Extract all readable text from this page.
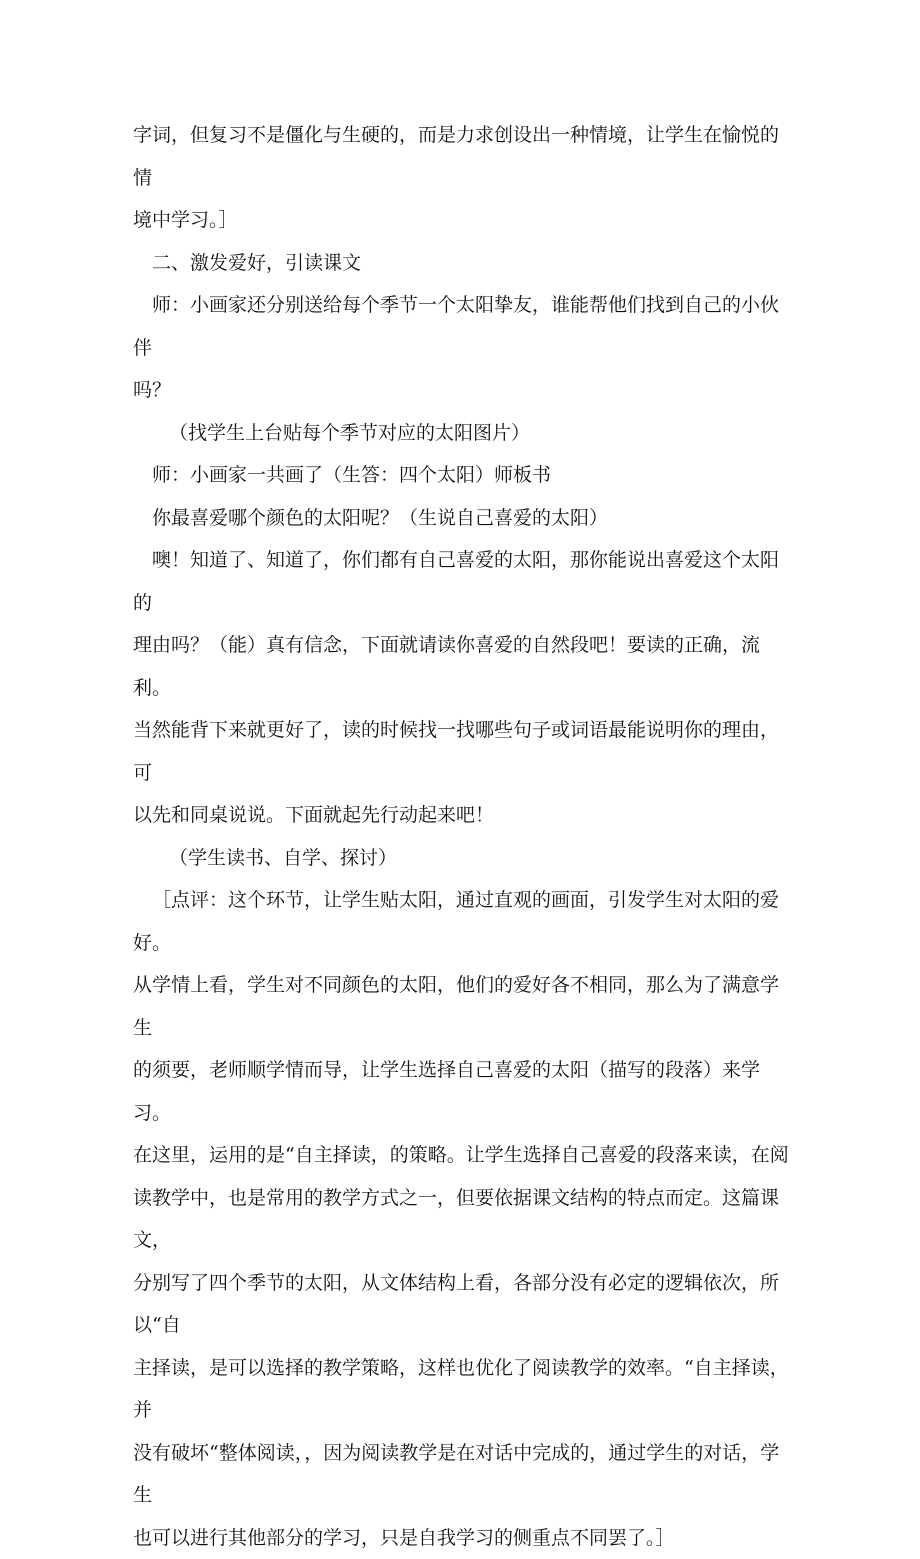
字词，但复习不是僵化与生硬的，而是力求创设出一种情境，让学生在愉悦的情
境中学习。］

二、激发爱好，引读课文

师：小画家还分别送给每个季节一个太阳挚友，谁能帮他们找到自己的小伙伴
吗？

（找学生上台贴每个季节对应的太阳图片）

师：小画家一共画了（生答：四个太阳）师板书

你最喜爱哪个颜色的太阳呢？（生说自己喜爱的太阳）

噢！知道了、知道了，你们都有自己喜爱的太阳，那你能说出喜爱这个太阳的
理由吗？（能）真有信念，下面就请读你喜爱的自然段吧！要读的正确，流利。
当然能背下来就更好了，读的时候找一找哪些句子或词语最能说明你的理由，可
以先和同桌说说。下面就起先行动起来吧！

（学生读书、自学、探讨）

［点评：这个环节，让学生贴太阳，通过直观的画面，引发学生对太阳的爱好。
从学情上看，学生对不同颜色的太阳，他们的爱好各不相同，那么为了满意学生
的须要，老师顺学情而导，让学生选择自己喜爱的太阳（描写的段落）来学习。
在这里，运用的是“自主择读，的策略。让学生选择自己喜爱的段落来读，在阅
读教学中，也是常用的教学方式之一，但要依据课文结构的特点而定。这篇课文，
分别写了四个季节的太阳，从文体结构上看，各部分没有必定的逻辑依次，所以“自
主择读，是可以选择的教学策略，这样也优化了阅读教学的效率。“自主择读，并
没有破坏“整体阅读，，因为阅读教学是在对话中完成的，通过学生的对话，学生
也可以进行其他部分的学习，只是自我学习的侧重点不同罢了。］
